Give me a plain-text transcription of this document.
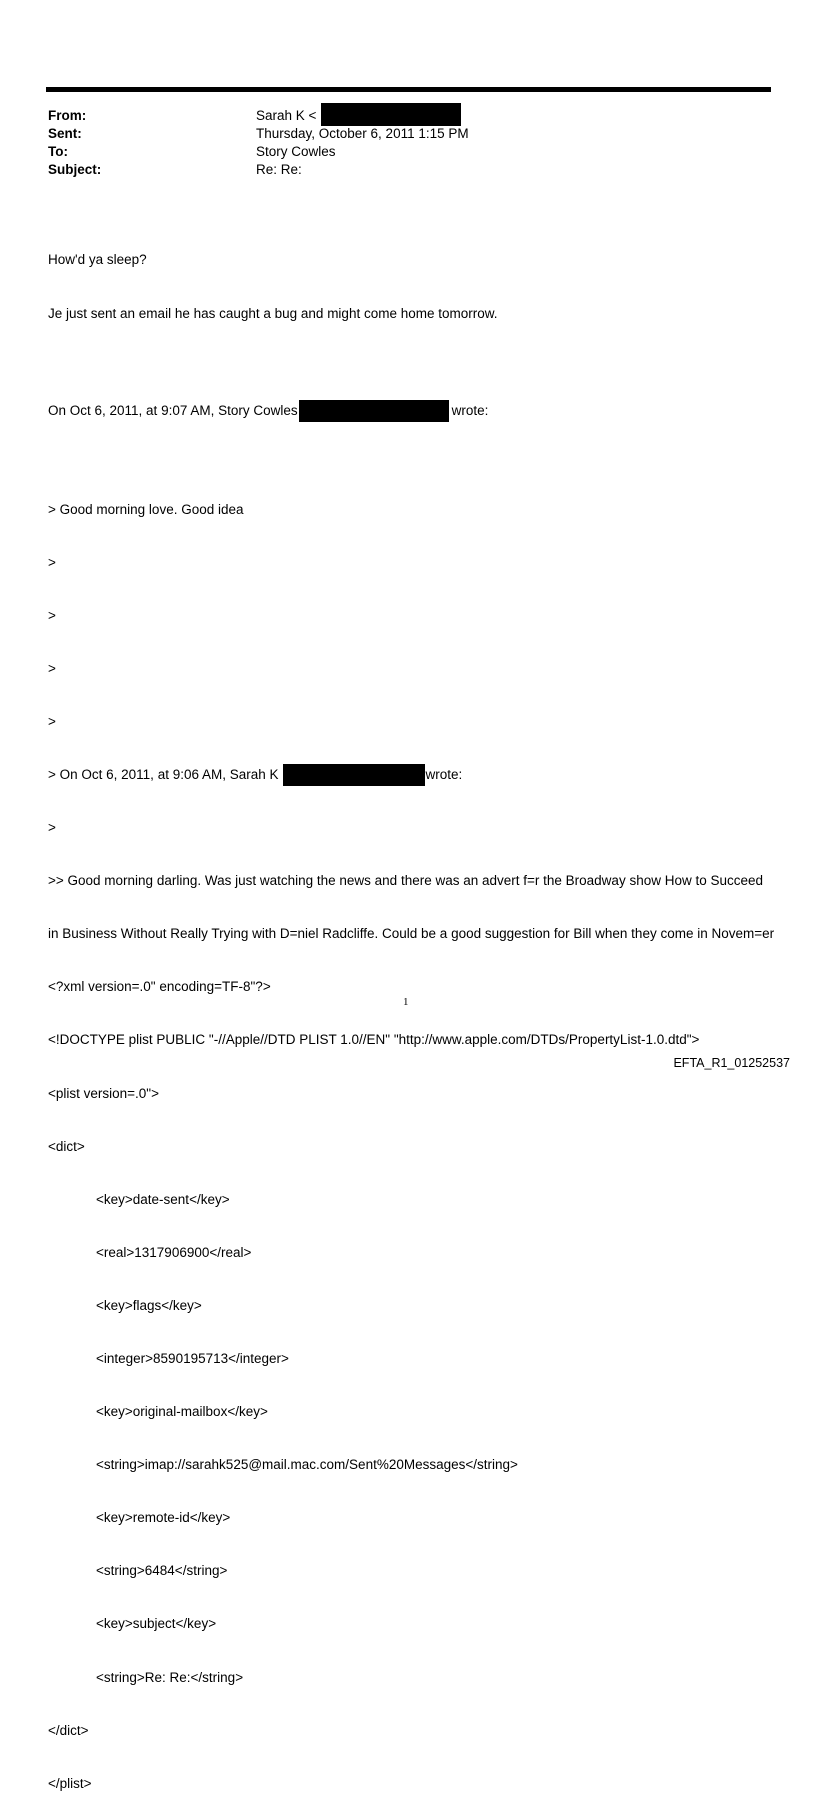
From:	Sarah K <
Sent:	Thursday, October 6, 2011 1:15 PM
To:	Story Cowles
Subject:	Re: Re:

How'd ya sleep?

Je just sent an email he has caught a bug and might come home tomorrow.

On Oct 6, 2011, at 9:07 AM, Story Cowles	wrote:

> Good morning love. Good idea

>

>

>

>

> On Oct 6, 2011, at 9:06 AM, Sarah K	wrote:

>

>> Good morning darling. Was just watching the news and there was an advert f=r the Broadway show How to Succeed

in Business Without Really Trying with D=niel Radcliffe. Could be a good suggestion for Bill when they come in Novem=er

<?xml version=.0" encoding=TF-8"?>

<!DOCTYPE plist PUBLIC "-//Apple//DTD PLIST 1.0//EN" "http://www.apple.com/DTDs/PropertyList-1.0.dtd">

<plist version=.0">

<dict>

<key>date-sent</key>

<real>1317906900</real>

<key>flags</key>

<integer>8590195713</integer>

<key>original-mailbox</key>

<string>imap://sarahk525@mail.mac.com/Sent%20Messages</string>

<key>remote-id</key>

<string>6484</string>

<key>subject</key>

<string>Re: Re:</string>

</dict>

</plist>

1
EFTA_R1_01252537
